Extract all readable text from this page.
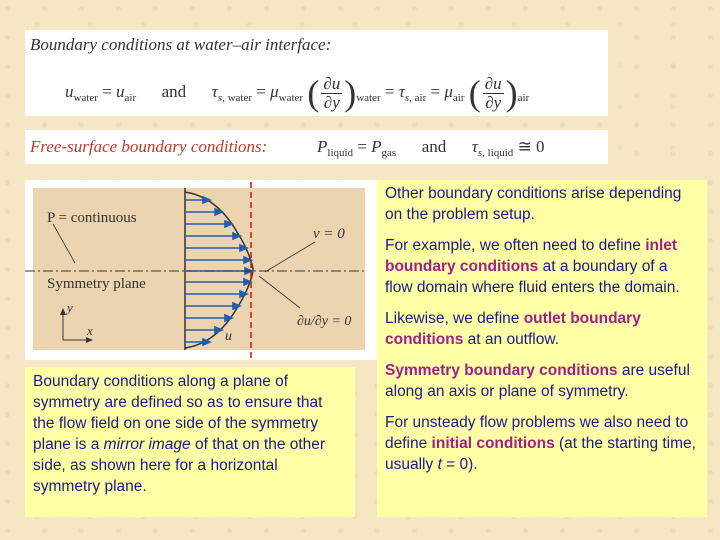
Boundary conditions at water–air interface:
$u_{water} = u_{air}$ and $\tau_{s, water} = \mu_{water}$ ( $\frac{\partial u}{\partial y} )_{water} = \tau_{s, air} = \mu_{air}$ ( $\frac{\partial u}{\partial y} )_{air}$
Free-surface boundary conditions:	$P_{liquid} = P_{gas}$ and $\tau_{s, liquid}$ ≅ 0
P = continuous
v = 0
Symmetry plane
y
x	u
∂u/∂y = 0
Boundary conditions along a plane of symmetry are defined so as to ensure that the flow field on one side of the symmetry plane is a mirror image of that on the other side, as shown here for a horizontal symmetry plane.

Other boundary conditions arise depending on the problem setup.

For example, we often need to define inlet boundary conditions at a boundary of a flow domain where fluid enters the domain.

Likewise, we define outlet boundary conditions at an outflow.

Symmetry boundary conditions are useful along an axis or plane of symmetry.

For unsteady flow problems we also need to define initial conditions (at the starting time, usually t = 0).
